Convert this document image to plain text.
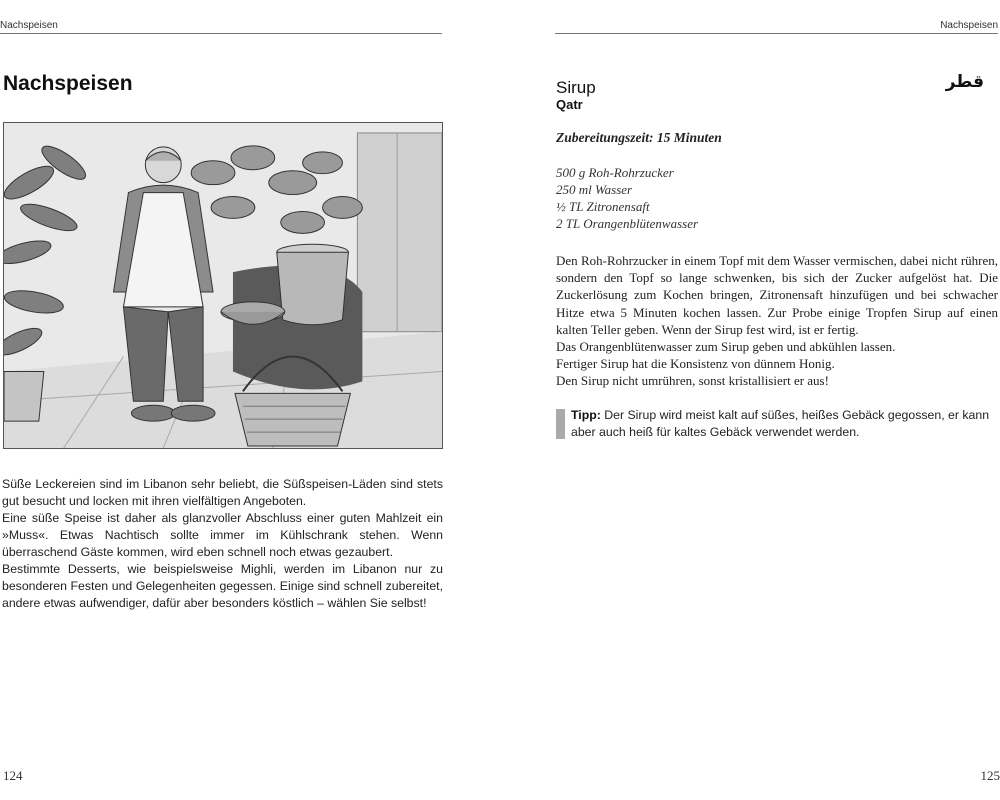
Nachspeisen
Nachspeisen

Süße Leckereien sind im Libanon sehr beliebt, die Süßspeisen-Läden sind stets gut besucht und locken mit ihren vielfältigen Angeboten.

Eine süße Speise ist daher als glanzvoller Abschluss einer guten Mahlzeit ein »Muss«. Etwas Nachtisch sollte immer im Kühlschrank stehen. Wenn überraschend Gäste kommen, wird eben schnell noch etwas gezaubert.

Bestimmte Desserts, wie beispielsweise Mighli, werden im Libanon nur zu besonderen Festen und Gelegenheiten gegessen. Einige sind schnell zubereitet, andere etwas aufwendiger, dafür aber besonders köstlich – wählen Sie selbst!

124
Nachspeisen
Sirup
Qatr
قطر
Zubereitungszeit: 15 Minuten
500 g Roh-Rohrzucker
250 ml Wasser
½ TL Zitronensaft
2 TL Orangenblütenwasser

Den Roh-Rohrzucker in einem Topf mit dem Wasser vermischen, dabei nicht rühren, sondern den Topf so lange schwenken, bis sich der Zucker aufgelöst hat. Die Zuckerlösung zum Kochen bringen, Zitronensaft hinzufügen und bei schwacher Hitze etwa 5 Minuten kochen lassen. Zur Probe einige Tropfen Sirup auf einen kalten Teller geben. Wenn der Sirup fest wird, ist er fertig.

Das Orangenblütenwasser zum Sirup geben und abkühlen lassen.

Fertiger Sirup hat die Konsistenz von dünnem Honig.

Den Sirup nicht umrühren, sonst kristallisiert er aus!

Tipp: Der Sirup wird meist kalt auf süßes, heißes Gebäck gegossen, er kann aber auch heiß für kaltes Gebäck verwendet werden.

125
